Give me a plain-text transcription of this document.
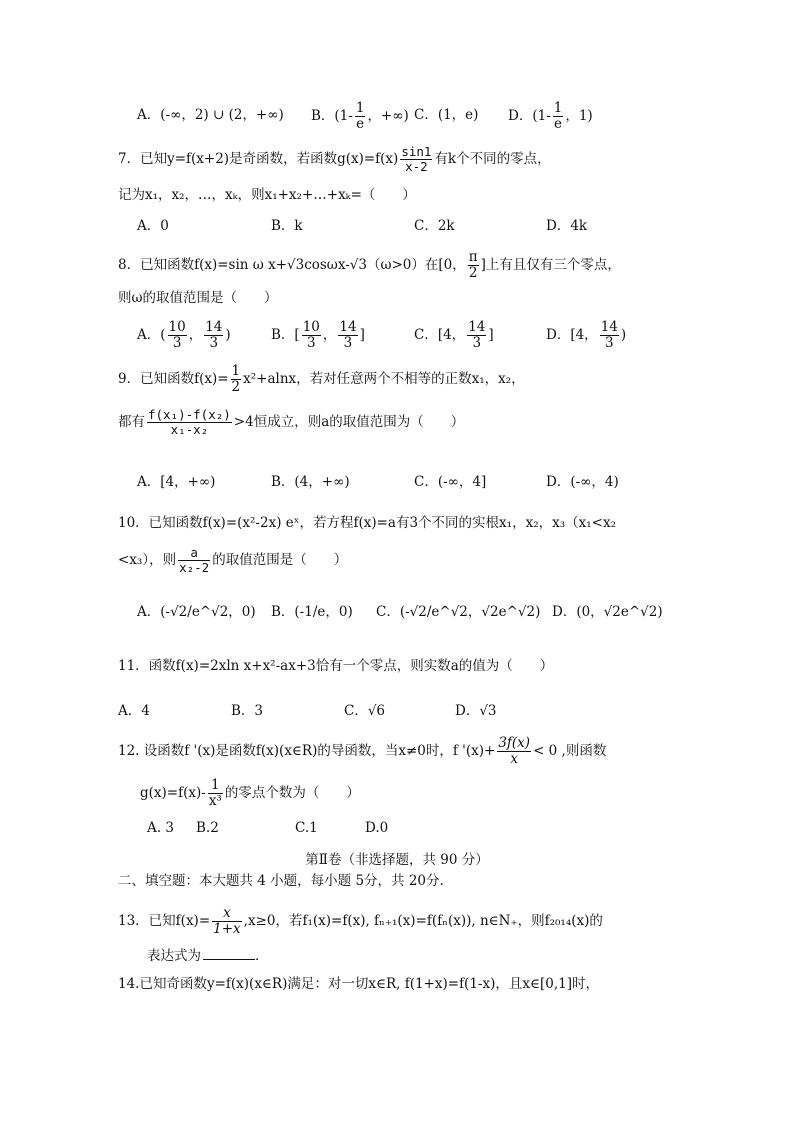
A．(-∞，2) ∪ (2，+∞) B．($1- \frac{1}{e}$ ，+∞) C．(1，e) D．($1- \frac{1}{e}$ ，1)
7．已知y=f(x+2)是奇函数，若函数$g(x)=f(x) \frac{\sin 1}{x-2}$ 有k个不同的零点，
记为x₁，x₂，…，xₖ，则x₁+x₂+…+xₖ=（　　）
A．0	B．k	C．2k	D．4k
8．已知函数f(x)=sin ω x+√3cosωx-√3（ω>0）在[0， $\frac{\pi}{2}$ ]上有且仅有三个零点，
则ω的取值范围是（　　）
A．( $\frac{10}{3}$ ， $\frac{14}{3}$ )	B．[ $\frac{10}{3}$ ， $\frac{14}{3}$ ]	C．[4， $\frac{14}{3}$ ]	D．[4， $\frac{14}{3}$ )
9．已知函数$f(x)= \frac{1}{2} x^2+alnx$，若对任意两个不相等的正数x₁，x₂，
都有 $\frac{\text{f(x₁)-f(x₂)}}{\text{x₁-x₂}} >4$恒成立，则a的取值范围为（　　）
A．[4，+∞)	B．(4，+∞)	C．(-∞，4]	D．(-∞，4)
10．已知函数f(x)=(x²-2x) eˣ，若方程f(x)=a有3个不同的实根x₁，x₂，x₃（x₁<x₂
<x₃），则 $\frac{a}{\text{x₂-2}}$ 的取值范围是（　　）
A．(-√2/e^√2，0) B．(-1/e，0) C．(-√2/e^√2，√2e^√2) D．(0，√2e^√2)
11．函数f(x)=2xln x+x²-ax+3恰有一个零点，则实数a的值为（　　）
A．4	B．3	C．√6	D．√3
12. 设函数f '(x)是函数f(x)(x∈R)的导函数，当x≠0时，f '$(x)+ \frac{3f(x)}{x} < 0$ ,则函数
$g(x)=f(x)- \frac{1}{\text{x³}}$ 的零点个数为（　　）
A. 3 B.2	C.1	D.0
第Ⅱ卷（非选择题，共 90 分）
二、填空题：本大题共 4 小题，每小题 5分，共 20分.
13．已知$f(x)= \frac{x}{1+x} ,x\ge 0$，若f₁(x)=f(x), fₙ₊₁(x)=f(fₙ(x)), n∈N₊，则f₂₀₁₄(x)的
表达式为	．
14.已知奇函数y=f(x)(x∈R)满足：对一切x∈R, f(1+x)=f(1-x)，且x∈[0,1]时，
